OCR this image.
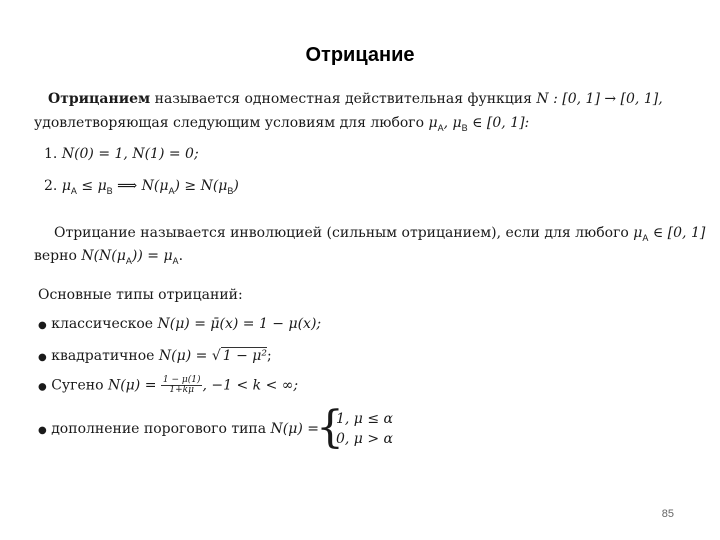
Отрицание
Отрицанием называется одноместная действительная функция N : [0, 1] → [0, 1],
удовлетворяющая следующим условиям для любого $\mu_A$, $\mu_B$ ∈ [0, 1]:
1. N(0) = 1, N(1) = 0;
2. $\mu_A \le \mu_B$ ⟹ $N(\mu_A) \ge N(\mu_B)$
Отрицание называется инволюцией (сильным отрицанием), если для любого $\mu_A$ ∈ [0, 1]
верно $N(N(\mu_A)) = \mu_A$.
Основные типы отрицаний:
● классическое N(μ) = μ̄(x) = 1 − μ(x);
● квадратичное N(μ) = √ 1 − μ²;
● Сугено $N(\mu) = \frac{1 - \mu(1)}{1+k\mu}$ , −1 < k < ∞;
● дополнение порогового типа N(μ) =
{
1, μ ≤ α
0, μ > α
85
